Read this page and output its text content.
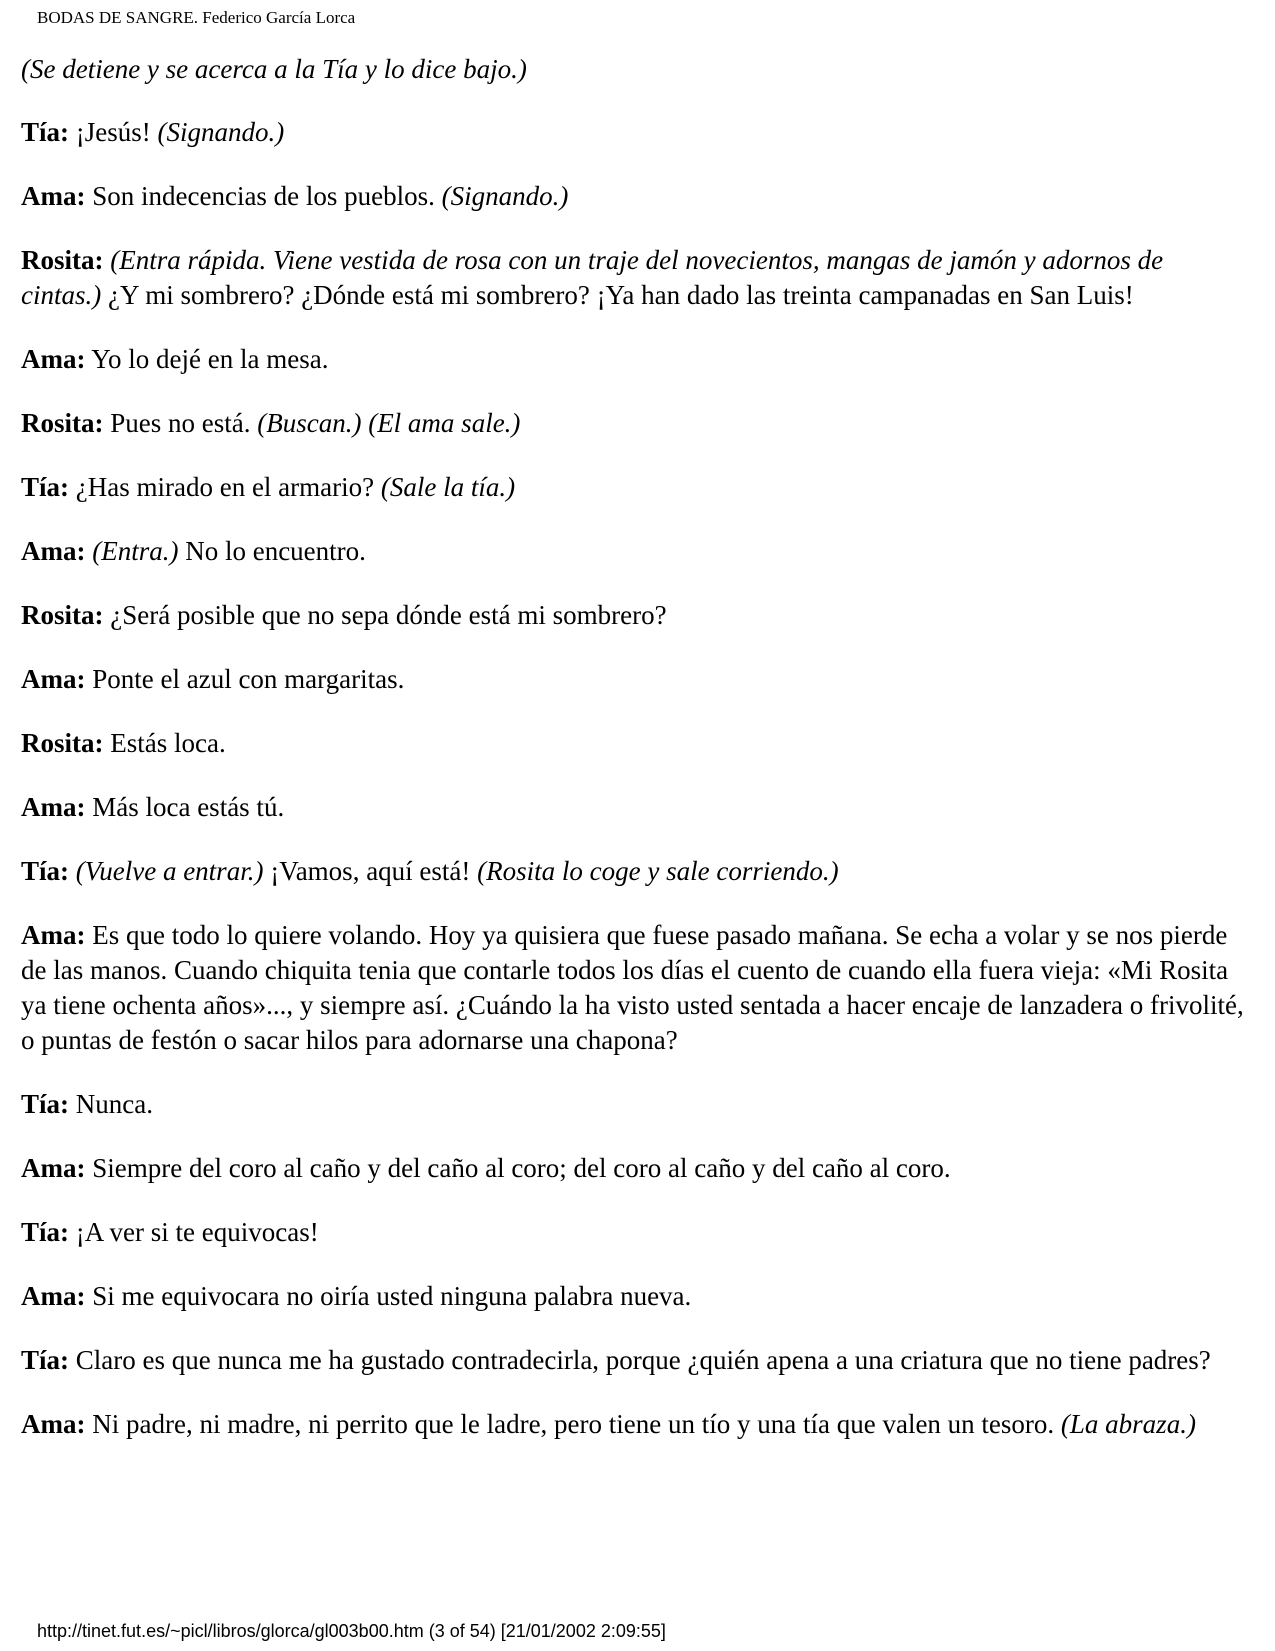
BODAS DE SANGRE. Federico García Lorca

(Se detiene y se acerca a la Tía y lo dice bajo.)

Tía: ¡Jesús! (Signando.)

Ama: Son indecencias de los pueblos. (Signando.)

Rosita: (Entra rápida. Viene vestida de rosa con un traje del novecientos, mangas de jamón y adornos de cintas.) ¿Y mi sombrero? ¿Dónde está mi sombrero? ¡Ya han dado las treinta campanadas en San Luis!

Ama: Yo lo dejé en la mesa.

Rosita: Pues no está. (Buscan.) (El ama sale.)

Tía: ¿Has mirado en el armario? (Sale la tía.)

Ama: (Entra.) No lo encuentro.

Rosita: ¿Será posible que no sepa dónde está mi sombrero?

Ama: Ponte el azul con margaritas.

Rosita: Estás loca.

Ama: Más loca estás tú.

Tía: (Vuelve a entrar.) ¡Vamos, aquí está! (Rosita lo coge y sale corriendo.)

Ama: Es que todo lo quiere volando. Hoy ya quisiera que fuese pasado mañana. Se echa a volar y se nos pierde de las manos. Cuando chiquita tenia que contarle todos los días el cuento de cuando ella fuera vieja: «Mi Rosita ya tiene ochenta años»..., y siempre así. ¿Cuándo la ha visto usted sentada a hacer encaje de lanzadera o frivolité, o puntas de festón o sacar hilos para adornarse una chapona?

Tía: Nunca.

Ama: Siempre del coro al caño y del caño al coro; del coro al caño y del caño al coro.

Tía: ¡A ver si te equivocas!

Ama: Si me equivocara no oiría usted ninguna palabra nueva.

Tía: Claro es que nunca me ha gustado contradecirla, porque ¿quién apena a una criatura que no tiene padres?

Ama: Ni padre, ni madre, ni perrito que le ladre, pero tiene un tío y una tía que valen un tesoro. (La abraza.)

http://tinet.fut.es/~picl/libros/glorca/gl003b00.htm (3 of 54) [21/01/2002 2:09:55]
